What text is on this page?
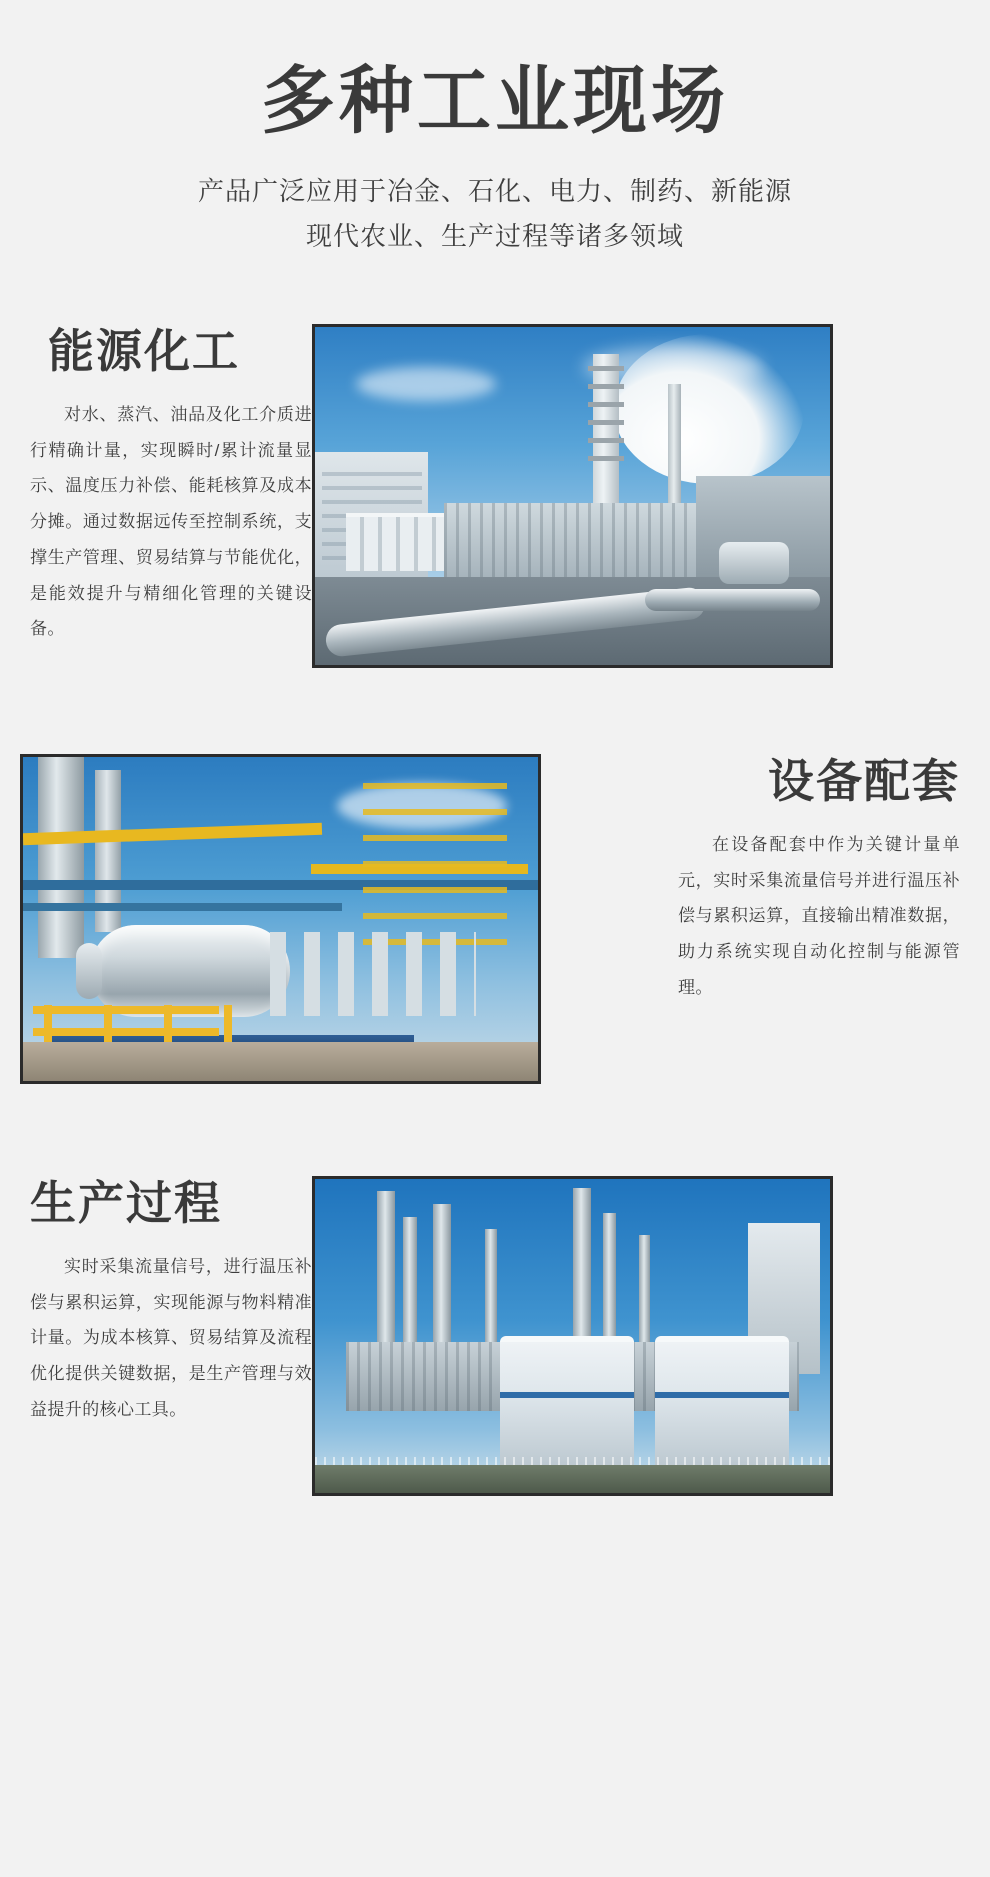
多种工业现场
产品广泛应用于冶金、石化、电力、制药、新能源
现代农业、生产过程等诸多领域
能源化工
对水、蒸汽、油品及化工介质进行精确计量，实现瞬时/累计流量显示、温度压力补偿、能耗核算及成本分摊。通过数据远传至控制系统，支撑生产管理、贸易结算与节能优化，是能效提升与精细化管理的关键设备。
设备配套
在设备配套中作为关键计量单元，实时采集流量信号并进行温压补偿与累积运算，直接输出精准数据，助力系统实现自动化控制与能源管理。
生产过程
实时采集流量信号，进行温压补偿与累积运算，实现能源与物料精准计量。为成本核算、贸易结算及流程优化提供关键数据，是生产管理与效益提升的核心工具。
